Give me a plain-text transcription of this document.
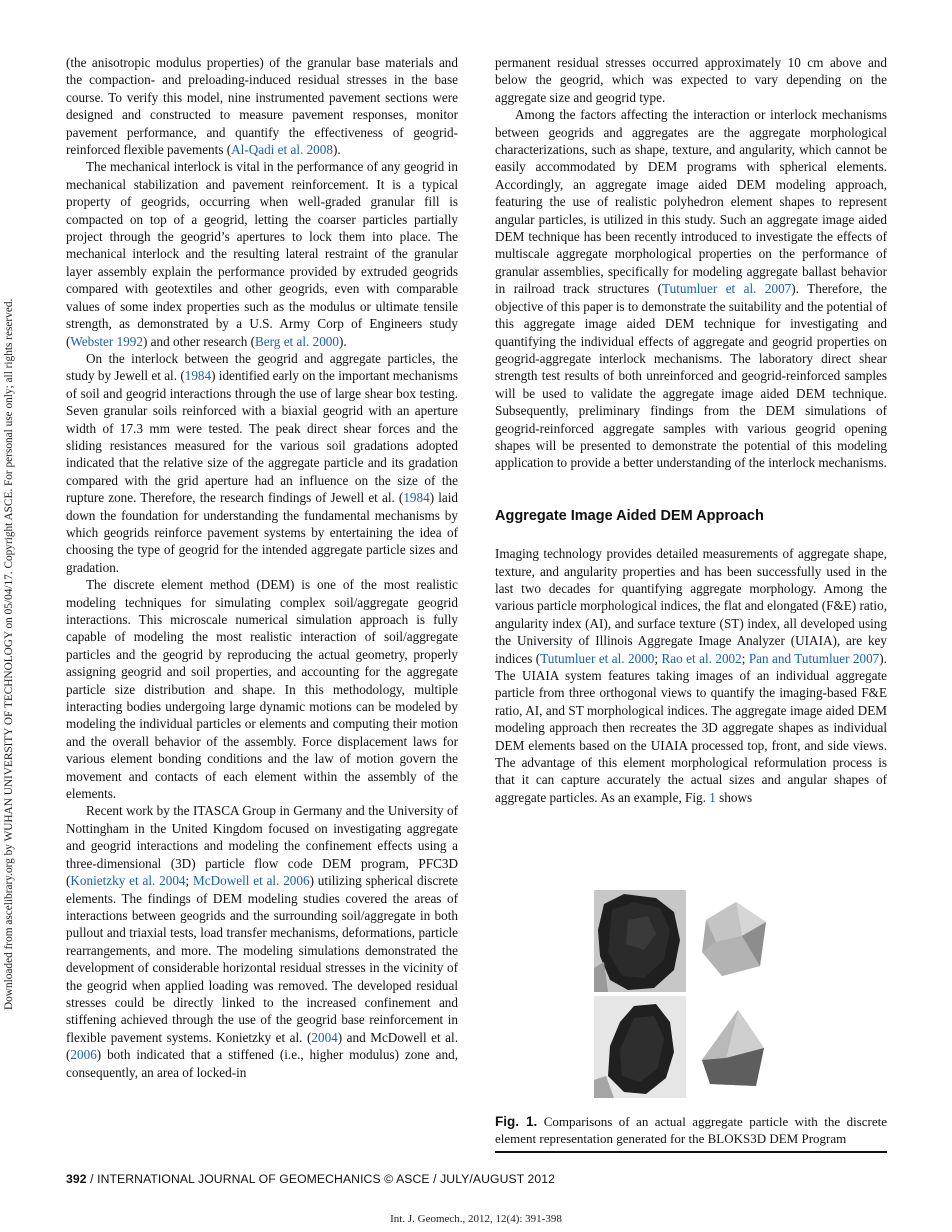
Downloaded from ascelibrary.org by WUHAN UNIVERSITY OF TECHNOLOGY on 05/04/17. Copyright ASCE. For personal use only; all rights reserved.

(the anisotropic modulus properties) of the granular base materials and the compaction- and preloading-induced residual stresses in the base course. To verify this model, nine instrumented pavement sections were designed and constructed to measure pavement responses, monitor pavement performance, and quantify the effectiveness of geogrid-reinforced flexible pavements (Al-Qadi et al. 2008).

The mechanical interlock is vital in the performance of any geogrid in mechanical stabilization and pavement reinforcement. It is a typical property of geogrids, occurring when well-graded granular fill is compacted on top of a geogrid, letting the coarser particles partially project through the geogrid’s apertures to lock them into place. The mechanical interlock and the resulting lateral restraint of the granular layer assembly explain the performance provided by extruded geogrids compared with geotextiles and other geogrids, even with comparable values of some index properties such as the modulus or ultimate tensile strength, as demonstrated by a U.S. Army Corp of Engineers study (Webster 1992) and other research (Berg et al. 2000).

On the interlock between the geogrid and aggregate particles, the study by Jewell et al. (1984) identified early on the important mechanisms of soil and geogrid interactions through the use of large shear box testing. Seven granular soils reinforced with a biaxial geogrid with an aperture width of 17.3 mm were tested. The peak direct shear forces and the sliding resistances measured for the various soil gradations adopted indicated that the relative size of the aggregate particle and its gradation compared with the grid aperture had an influence on the size of the rupture zone. Therefore, the research findings of Jewell et al. (1984) laid down the foundation for understanding the fundamental mechanisms by which geogrids reinforce pavement systems by entertaining the idea of choosing the type of geogrid for the intended aggregate particle sizes and gradation.

The discrete element method (DEM) is one of the most realistic modeling techniques for simulating complex soil/aggregate geogrid interactions. This microscale numerical simulation approach is fully capable of modeling the most realistic interaction of soil/aggregate particles and the geogrid by reproducing the actual geometry, properly assigning geogrid and soil properties, and accounting for the aggregate particle size distribution and shape. In this methodology, multiple interacting bodies undergoing large dynamic motions can be modeled by modeling the individual particles or elements and computing their motion and the overall behavior of the assembly. Force displacement laws for various element bonding conditions and the law of motion govern the movement and contacts of each element within the assembly of the elements.

Recent work by the ITASCA Group in Germany and the University of Nottingham in the United Kingdom focused on investigating aggregate and geogrid interactions and modeling the confinement effects using a three-dimensional (3D) particle flow code DEM program, PFC3D (Konietzky et al. 2004; McDowell et al. 2006) utilizing spherical discrete elements. The findings of DEM modeling studies covered the areas of interactions between geogrids and the surrounding soil/aggregate in both pullout and triaxial tests, load transfer mechanisms, deformations, particle rearrangements, and more. The modeling simulations demonstrated the development of considerable horizontal residual stresses in the vicinity of the geogrid when applied loading was removed. The developed residual stresses could be directly linked to the increased confinement and stiffening achieved through the use of the geogrid base reinforcement in flexible pavement systems. Konietzky et al. (2004) and McDowell et al. (2006) both indicated that a stiffened (i.e., higher modulus) zone and, consequently, an area of locked-in

permanent residual stresses occurred approximately 10 cm above and below the geogrid, which was expected to vary depending on the aggregate size and geogrid type.

Among the factors affecting the interaction or interlock mechanisms between geogrids and aggregates are the aggregate morphological characterizations, such as shape, texture, and angularity, which cannot be easily accommodated by DEM programs with spherical elements. Accordingly, an aggregate image aided DEM modeling approach, featuring the use of realistic polyhedron element shapes to represent angular particles, is utilized in this study. Such an aggregate image aided DEM technique has been recently introduced to investigate the effects of multiscale aggregate morphological properties on the performance of granular assemblies, specifically for modeling aggregate ballast behavior in railroad track structures (Tutumluer et al. 2007). Therefore, the objective of this paper is to demonstrate the suitability and the potential of this aggregate image aided DEM technique for investigating and quantifying the individual effects of aggregate and geogrid properties on geogrid-aggregate interlock mechanisms. The laboratory direct shear strength test results of both unreinforced and geogrid-reinforced samples will be used to validate the aggregate image aided DEM technique. Subsequently, preliminary findings from the DEM simulations of geogrid-reinforced aggregate samples with various geogrid opening shapes will be presented to demonstrate the potential of this modeling application to provide a better understanding of the interlock mechanisms.

Aggregate Image Aided DEM Approach

Imaging technology provides detailed measurements of aggregate shape, texture, and angularity properties and has been successfully used in the last two decades for quantifying aggregate morphology. Among the various particle morphological indices, the flat and elongated (F&E) ratio, angularity index (AI), and surface texture (ST) index, all developed using the University of Illinois Aggregate Image Analyzer (UIAIA), are key indices (Tutumluer et al. 2000; Rao et al. 2002; Pan and Tutumluer 2007). The UIAIA system features taking images of an individual aggregate particle from three orthogonal views to quantify the imaging-based F&E ratio, AI, and ST morphological indices. The aggregate image aided DEM modeling approach then recreates the 3D aggregate shapes as individual DEM elements based on the UIAIA processed top, front, and side views. The advantage of this element morphological reformulation process is that it can capture accurately the actual sizes and angular shapes of aggregate particles. As an example, Fig. 1 shows

Fig. 1. Comparisons of an actual aggregate particle with the discrete element representation generated for the BLOKS3D DEM Program
392 / INTERNATIONAL JOURNAL OF GEOMECHANICS © ASCE / JULY/AUGUST 2012
Int. J. Geomech., 2012, 12(4): 391-398
